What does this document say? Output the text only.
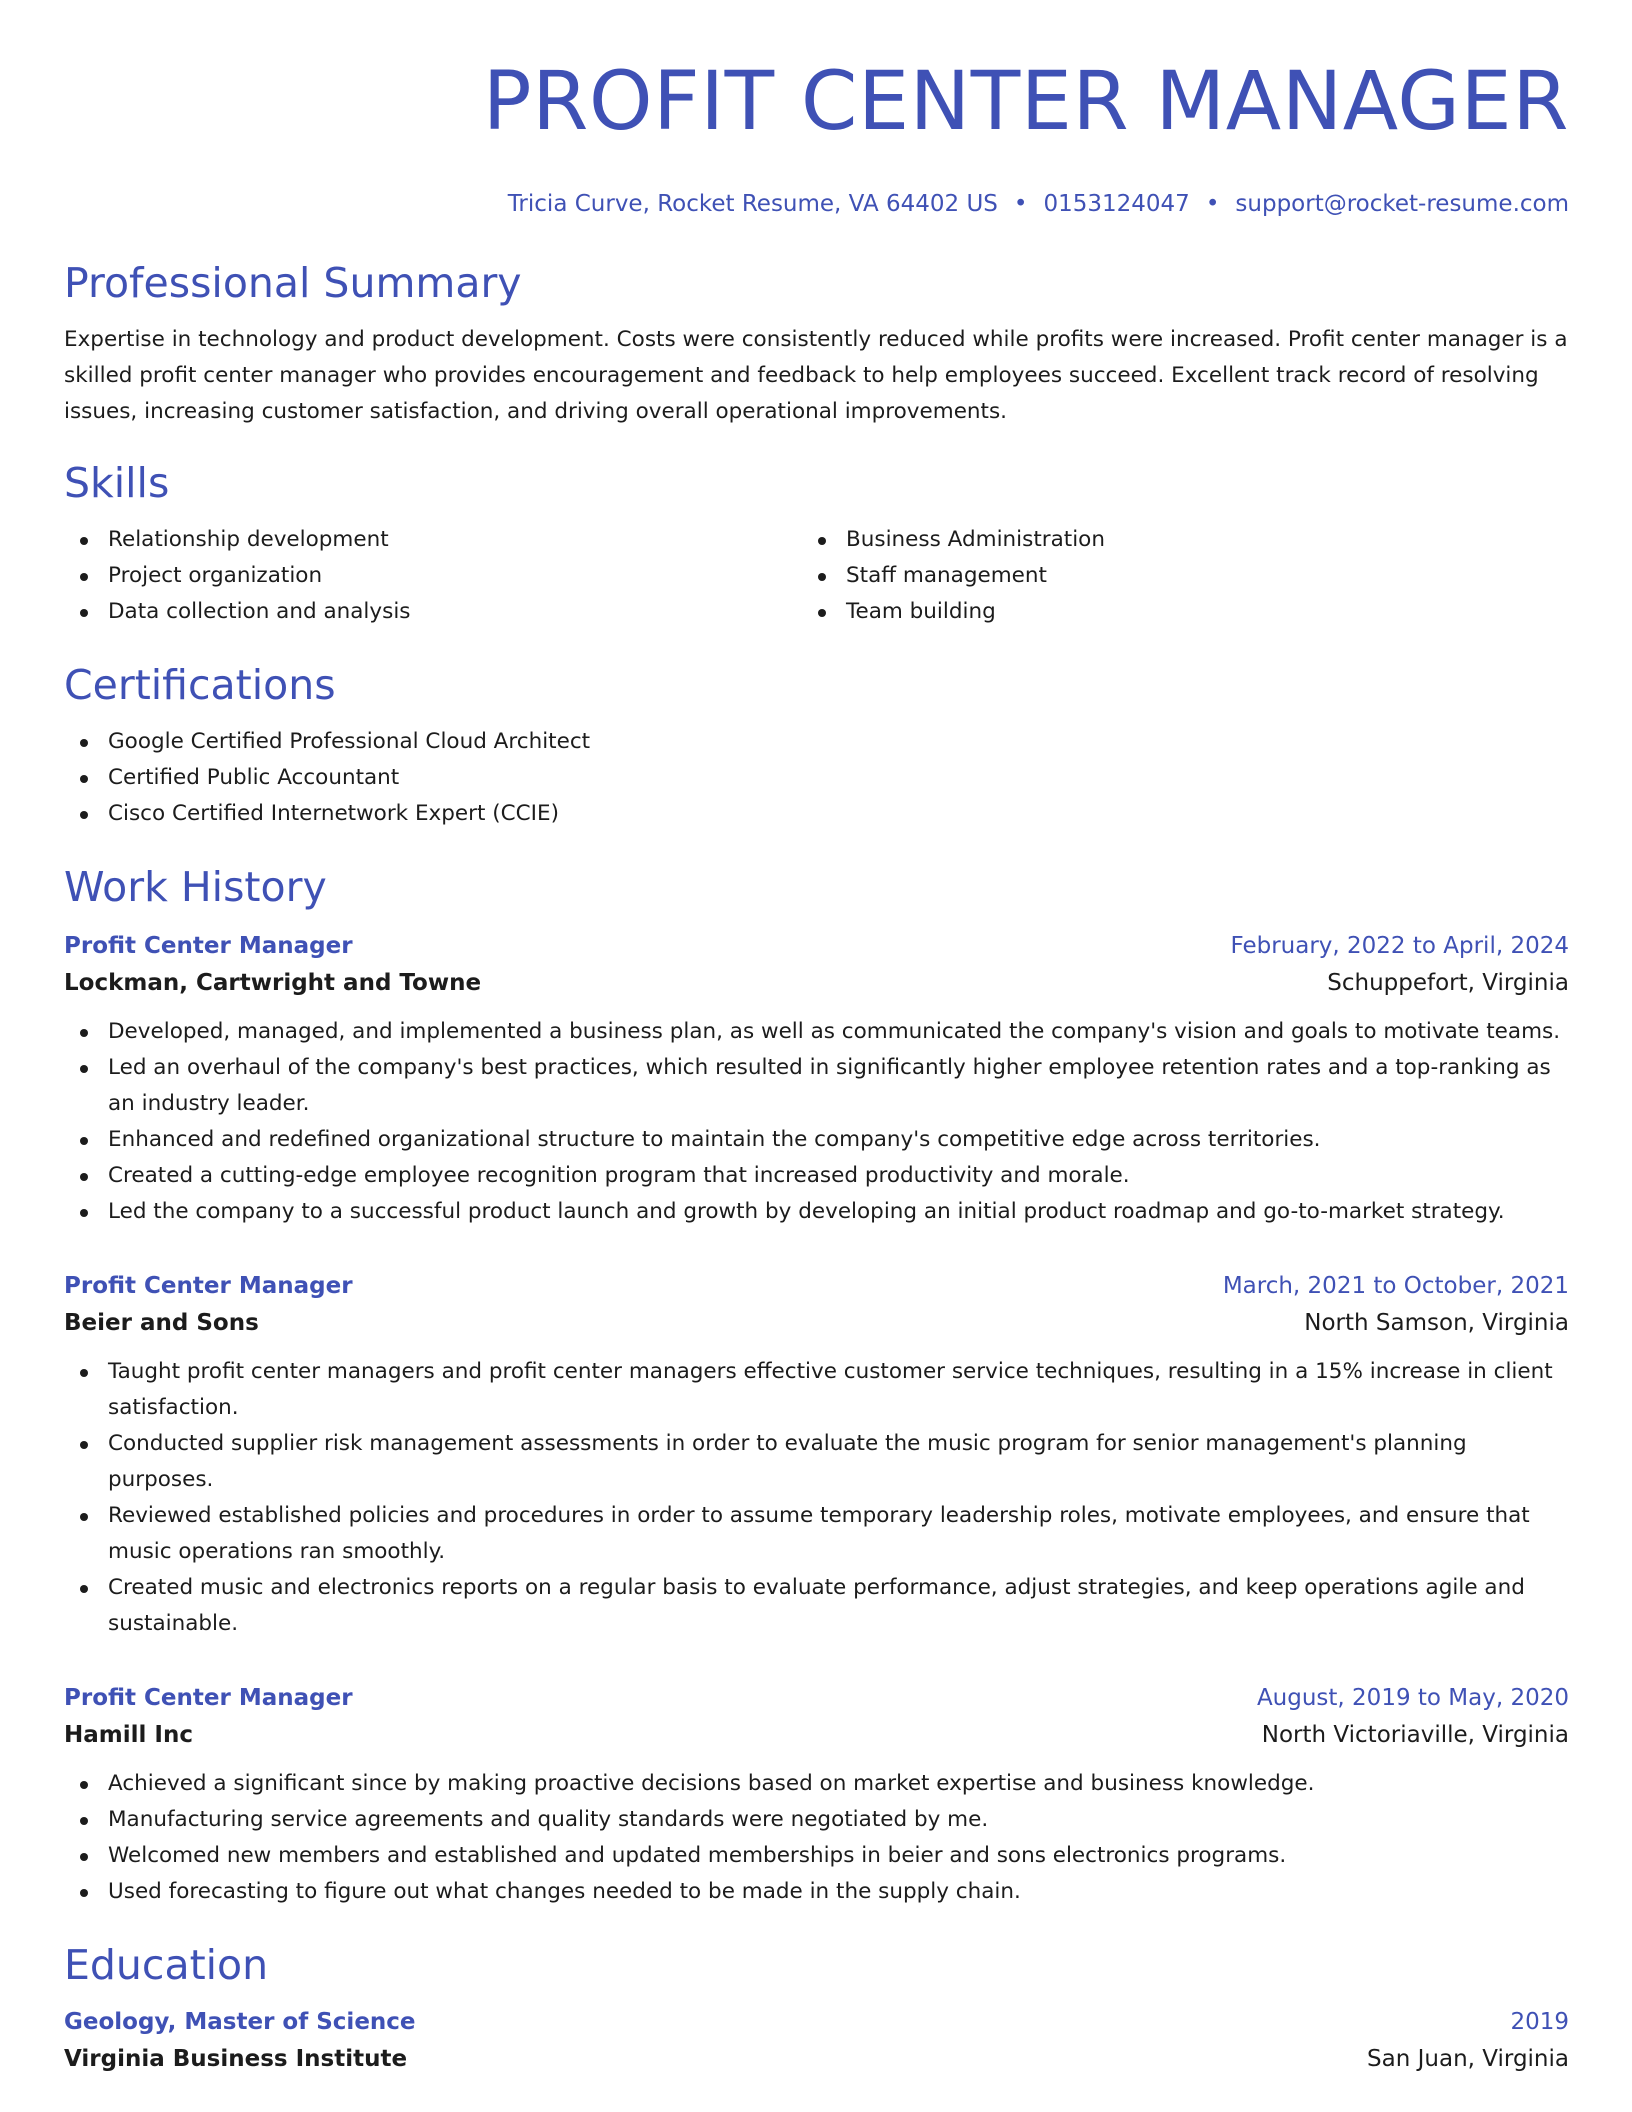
PROFIT CENTER MANAGER
Tricia Curve, Rocket Resume, VA 64402 US • 0153124047 • support@rocket-resume.com
Professional Summary

Expertise in technology and product development. Costs were consistently reduced while profits were increased. Profit center manager is a skilled profit center manager who provides encouragement and feedback to help employees succeed. Excellent track record of resolving issues, increasing customer satisfaction, and driving overall operational improvements.

Skills
Relationship development
Project organization
Data collection and analysis
Business Administration
Staff management
Team building
Certifications
Google Certified Professional Cloud Architect
Certified Public Accountant
Cisco Certified Internetwork Expert (CCIE)
Work History
Profit Center Manager	February, 2022 to April, 2024
Lockman, Cartwright and Towne	Schuppefort, Virginia
Developed, managed, and implemented a business plan, as well as communicated the company's vision and goals to motivate teams.
Led an overhaul of the company's best practices, which resulted in significantly higher employee retention rates and a top-ranking as an industry leader.
Enhanced and redefined organizational structure to maintain the company's competitive edge across territories.
Created a cutting-edge employee recognition program that increased productivity and morale.
Led the company to a successful product launch and growth by developing an initial product roadmap and go-to-market strategy.
Profit Center Manager	March, 2021 to October, 2021
Beier and Sons	North Samson, Virginia
Taught profit center managers and profit center managers effective customer service techniques, resulting in a 15% increase in client satisfaction.
Conducted supplier risk management assessments in order to evaluate the music program for senior management's planning purposes.
Reviewed established policies and procedures in order to assume temporary leadership roles, motivate employees, and ensure that music operations ran smoothly.
Created music and electronics reports on a regular basis to evaluate performance, adjust strategies, and keep operations agile and sustainable.
Profit Center Manager	August, 2019 to May, 2020
Hamill Inc	North Victoriaville, Virginia
Achieved a significant since by making proactive decisions based on market expertise and business knowledge.
Manufacturing service agreements and quality standards were negotiated by me.
Welcomed new members and established and updated memberships in beier and sons electronics programs.
Used forecasting to figure out what changes needed to be made in the supply chain.
Education
Geology, Master of Science	2019
Virginia Business Institute	San Juan, Virginia
